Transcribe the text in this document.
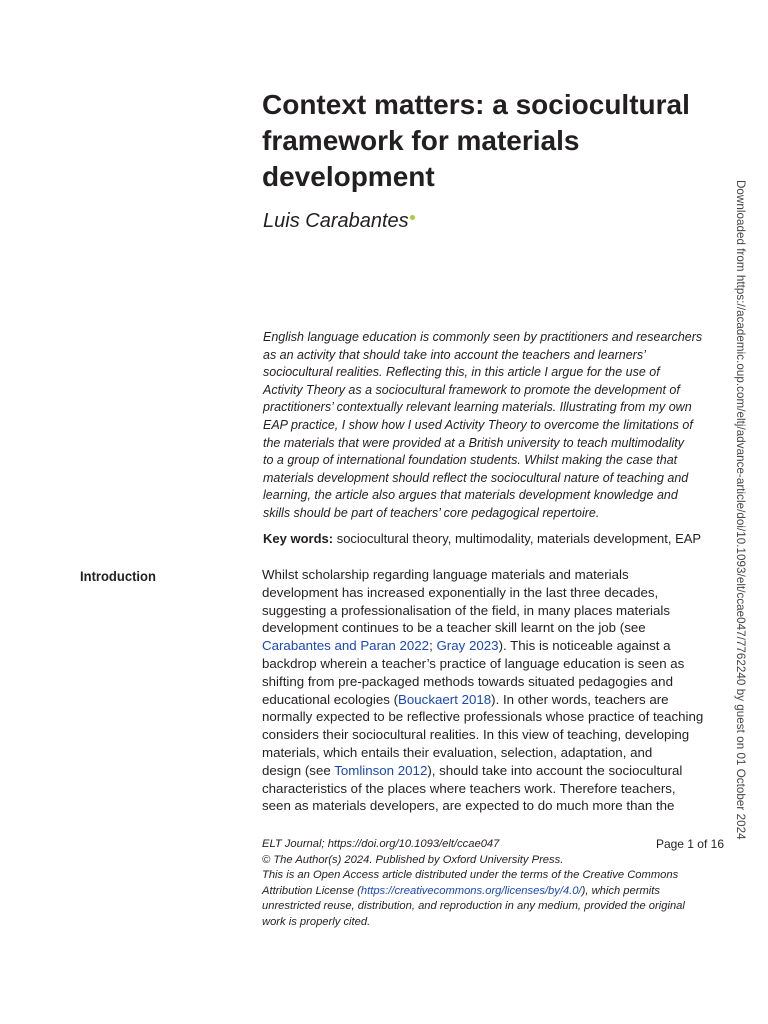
Context matters: a sociocultural
framework for materials
development

Luis Carabantes

English language education is commonly seen by practitioners and researchers
as an activity that should take into account the teachers and learners’
sociocultural realities. Reflecting this, in this article I argue for the use of
Activity Theory as a sociocultural framework to promote the development of
practitioners’ contextually relevant learning materials. Illustrating from my own
EAP practice, I show how I used Activity Theory to overcome the limitations of
the materials that were provided at a British university to teach multimodality
to a group of international foundation students. Whilst making the case that
materials development should reflect the sociocultural nature of teaching and
learning, the article also argues that materials development knowledge and
skills should be part of teachers’ core pedagogical repertoire.

Key words: sociocultural theory, multimodality, materials development, EAP

Introduction	Whilst scholarship regarding language materials and materials
development has increased exponentially in the last three decades,
suggesting a professionalisation of the field, in many places materials
development continues to be a teacher skill learnt on the job (see
Carabantes and Paran 2022; Gray 2023). This is noticeable against a
backdrop wherein a teacher’s practice of language education is seen as
shifting from pre-packaged methods towards situated pedagogies and
educational ecologies (Bouckaert 2018). In other words, teachers are
normally expected to be reflective professionals whose practice of teaching
considers their sociocultural realities. In this view of teaching, developing
materials, which entails their evaluation, selection, adaptation, and
design (see Tomlinson 2012), should take into account the sociocultural
characteristics of the places where teachers work. Therefore teachers,
seen as materials developers, are expected to do much more than the
ELT Journal; https://doi.org/10.1093/elt/ccae047	Page 1 of 16
© The Author(s) 2024. Published by Oxford University Press.
This is an Open Access article distributed under the terms of the Creative Commons
Attribution License (https://creativecommons.org/licenses/by/4.0/), which permits
unrestricted reuse, distribution, and reproduction in any medium, provided the original
work is properly cited.
Downloaded from https://academic.oup.com/eltj/advance-article/doi/10.1093/elt/ccae047/7762240 by guest on 01 October 2024
